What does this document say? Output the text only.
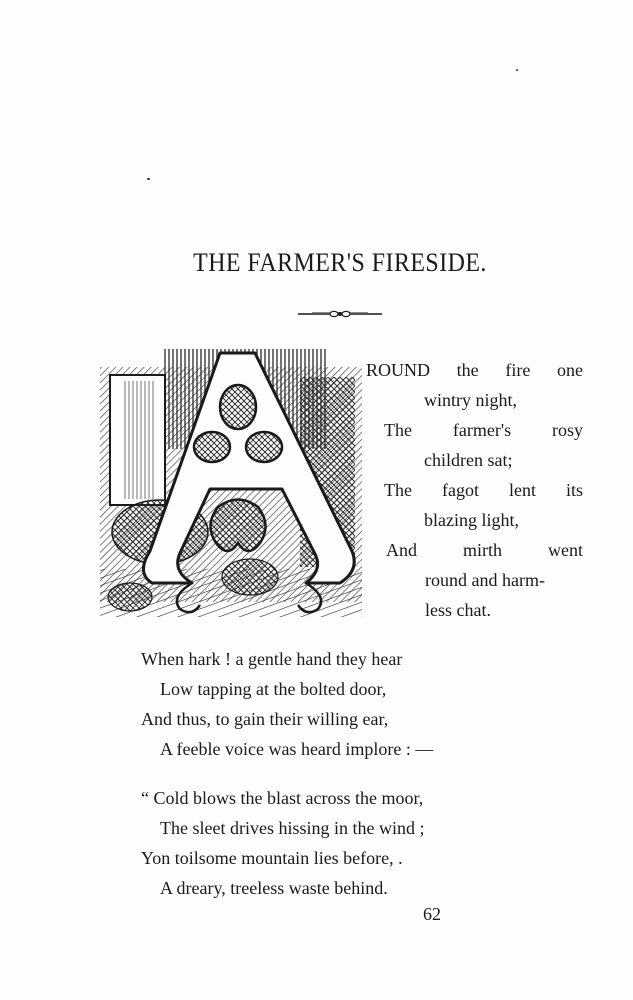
THE FARMER'S FIRESIDE.
ROUND the fire one
wintry night,
The farmer's rosy
children sat;
The fagot lent its
blazing light,
And	mirth	went
round and harm-
less chat.
When hark ! a gentle hand they hear
Low tapping at the bolted door,
And thus, to gain their willing ear,
A feeble voice was heard implore : —
“ Cold blows the blast across the moor,
The sleet drives hissing in the wind ;
Yon toilsome mountain lies before, .
A dreary, treeless waste behind.
62
